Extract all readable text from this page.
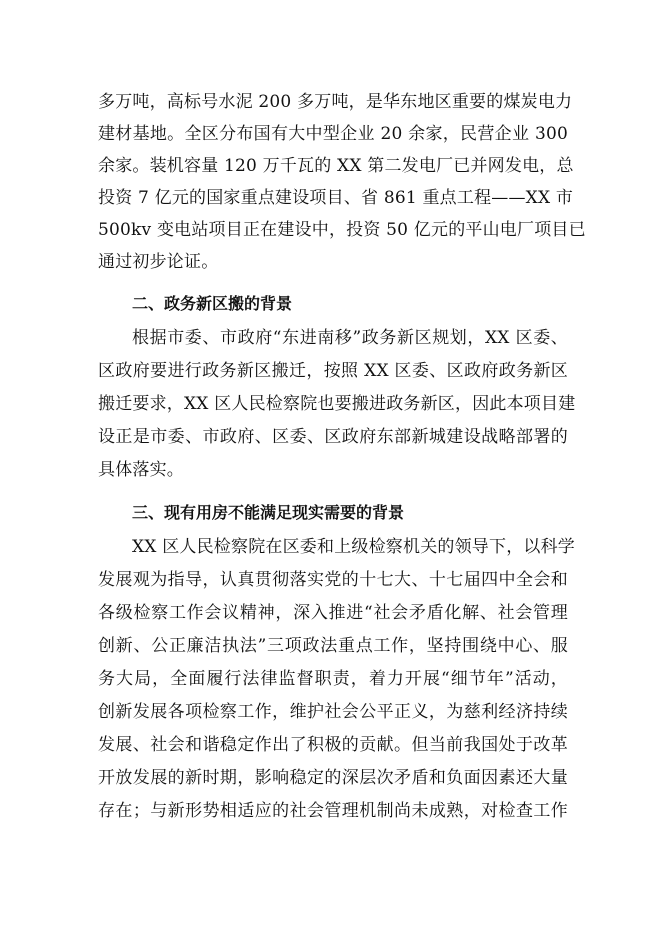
多万吨，高标号水泥 200 多万吨，是华东地区重要的煤炭电力
建材基地。全区分布国有大中型企业 20 余家，民营企业 300
余家。装机容量 120 万千瓦的 XX 第二发电厂已并网发电，总
投资 7 亿元的国家重点建设项目、省 861 重点工程——XX 市
500kv 变电站项目正在建设中，投资 50 亿元的平山电厂项目已
通过初步论证。
二、政务新区搬的背景
根据市委、市政府“东进南移”政务新区规划，XX 区委、
区政府要进行政务新区搬迁，按照 XX 区委、区政府政务新区
搬迁要求，XX 区人民检察院也要搬进政务新区，因此本项目建
设正是市委、市政府、区委、区政府东部新城建设战略部署的
具体落实。
三、现有用房不能满足现实需要的背景
XX 区人民检察院在区委和上级检察机关的领导下，以科学
发展观为指导，认真贯彻落实党的十七大、十七届四中全会和
各级检察工作会议精神，深入推进“社会矛盾化解、社会管理
创新、公正廉洁执法”三项政法重点工作，坚持围绕中心、服
务大局，全面履行法律监督职责，着力开展“细节年”活动，
创新发展各项检察工作，维护社会公平正义，为慈利经济持续
发展、社会和谐稳定作出了积极的贡献。但当前我国处于改革
开放发展的新时期，影响稳定的深层次矛盾和负面因素还大量
存在；与新形势相适应的社会管理机制尚未成熟，对检查工作
